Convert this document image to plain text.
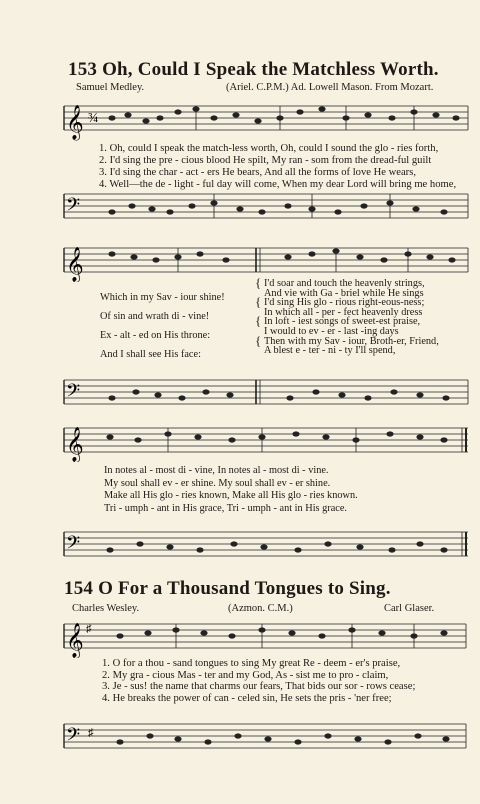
153 Oh, Could I Speak the Matchless Worth.
Samuel Medley.	(Ariel. C.P.M.) Ad. Lowell Mason. From Mozart.
𝄞 ¾
1. Oh, could I speak the match-less worth, Oh, could I sound the glo - ries forth,
2. I'd sing the pre - cious blood He spilt, My ran - som from the dread-ful guilt
3. I'd sing the char - act - ers He bears, And all the forms of love He wears,
4. Well—the de - light - ful day will come, When my dear Lord will bring me home,
𝄢
𝄞
Which in my Sav - iour shine!
Of sin and wrath di - vine!
Ex - alt - ed on His throne:
And I shall see His face:
{

{

{

{
I'd soar and touch the heavenly strings,
And vie with Ga - briel while He sings
I'd sing His glo - rious right-eous-ness;
In which all - per - fect heavenly dress
In loft - iest songs of sweet-est praise,
I would to ev - er - last -ing days
Then with my Sav - iour, Broth-er, Friend,
A blest e - ter - ni - ty I'll spend,
𝄢
𝄞
In notes al - most di - vine, In notes al - most di - vine.
My soul shall ev - er shine. My soul shall ev - er shine.
Make all His glo - ries known, Make all His glo - ries known.
Tri - umph - ant in His grace, Tri - umph - ant in His grace.
𝄢
154 O For a Thousand Tongues to Sing.
Charles Wesley.	(Azmon. C.M.)	Carl Glaser.
𝄞 ♯
1. O for a thou - sand tongues to sing My great Re - deem - er's praise,
2. My gra - cious Mas - ter and my God, As - sist me to pro - claim,
3. Je - sus! the name that charms our fears, That bids our sor - rows cease;
4. He breaks the power of can - celed sin, He sets the pris - 'ner free;
𝄢 ♯
